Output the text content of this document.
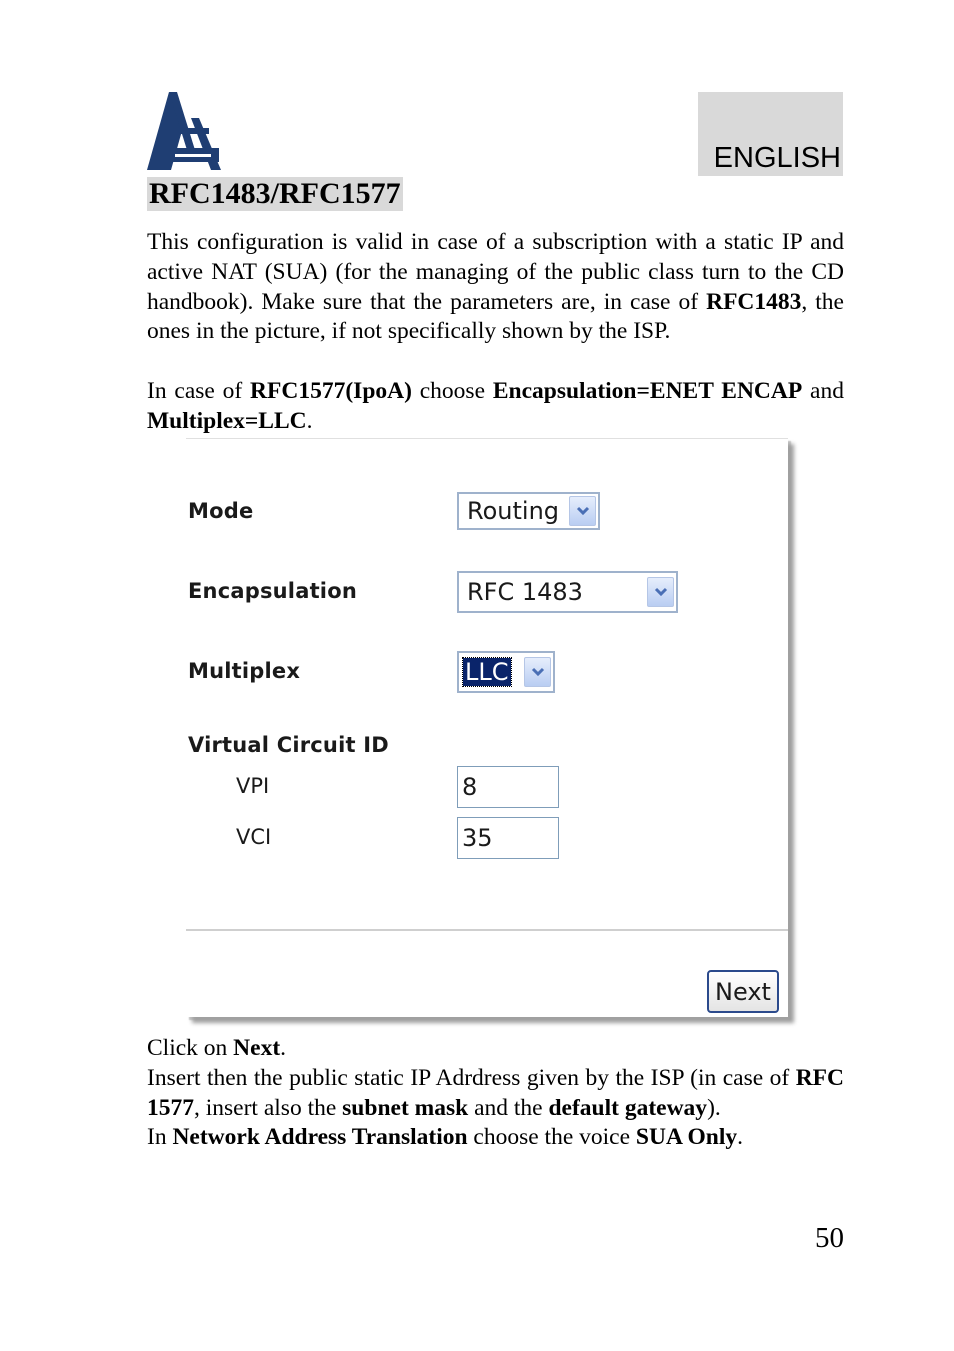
ENGLISH
RFC1483/RFC1577

This configuration is valid in case of a subscription with a static IP and active NAT (SUA) (for the managing of the public class turn to the CD handbook). Make sure that the parameters are, in case of RFC1483, the ones in the picture, if not specifically shown by the ISP.

In case of RFC1577(IpoA) choose Encapsulation=ENET ENCAP and Multiplex=LLC.

Mode	Routing
Encapsulation	RFC 1483
Multiplex	LLC
Virtual Circuit ID
VPI	8
VCI	35
Next
Click on Next.
Insert then the public static IP Adrdress given by the ISP (in case of RFC 1577, insert also the subnet mask and the default gateway).
In Network Address Translation choose the voice SUA Only.
50
